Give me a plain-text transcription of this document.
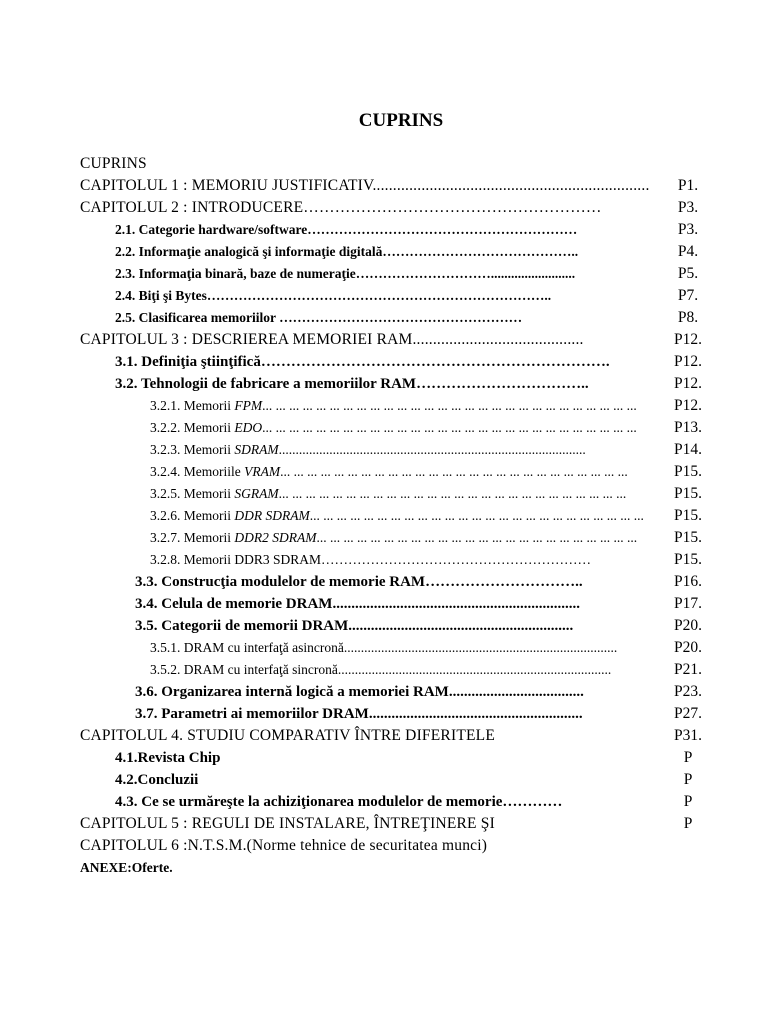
CUPRINS
CUPRINS
CAPITOLUL 1 : MEMORIU JUSTIFICATIV....................................................................
CAPITOLUL 2 : INTRODUCERE…………………………………………………
2.1. Categorie hardware/software……………………………………………………
2.2. Informaţie analogică şi informaţie digitală……………………………………..
2.3. Informaţia binară, baze de numeraţie………………………….........................
2.4. Biţi şi Bytes…………………………………………………………………..
2.5. Clasificarea memoriilor ………………………………………………
CAPITOLUL 3 : DESCRIEREA MEMORIEI RAM..........................................
3.1. Definiţia ştiinţifică…………………………………………………………….
3.2. Tehnologii de fabricare a memoriilor RAM……………………………..
3.2.1. Memorii FPM... ... ... ... ... ... ... ... ... ... ... ... ... ... ... ... ... ... ... ... ... ... ... ... ... ... ... ...
3.2.2. Memorii EDO... ... ... ... ... ... ... ... ... ... ... ... ... ... ... ... ... ... ... ... ... ... ... ... ... ... ... ...
3.2.3. Memorii SDRAM...........................................................................................
3.2.4. Memoriile VRAM... ... ... ... ... ... ... ... ... ... ... ... ... ... ... ... ... ... ... ... ... ... ... ... ... ...
3.2.5. Memorii SGRAM... ... ... ... ... ... ... ... ... ... ... ... ... ... ... ... ... ... ... ... ... ... ... ... ... ...
3.2.6. Memorii DDR SDRAM... ... ... ... ... ... ... ... ... ... ... ... ... ... ... ... ... ... ... ... ... ... ... ... ...
3.2.7. Memorii DDR2 SDRAM... ... ... ... ... ... ... ... ... ... ... ... ... ... ... ... ... ... ... ... ... ... ... ...
3.2.8. Memorii DDR3 SDRAM……………………………………………………
3.3. Construcţia modulelor de memorie RAM…………………………..
3.4. Celula de memorie DRAM..................................................................
3.5. Categorii de memorii DRAM............................................................
3.5.1. DRAM cu interfaţă asincronă.................................................................................
3.5.2. DRAM cu interfaţă sincronă.................................................................................
3.6. Organizarea internă logică a memoriei RAM....................................
3.7. Parametri ai memoriilor DRAM.........................................................
CAPITOLUL 4. STUDIU COMPARATIV ÎNTRE DIFERITELE
4.1.Revista Chip
4.2.Concluzii
4.3. Ce se urmăreşte la achiziţionarea modulelor de memorie…………
CAPITOLUL 5 : REGULI DE INSTALARE, ÎNTREŢINERE ŞI
CAPITOLUL 6 :N.T.S.M.(Norme tehnice de securitatea munci)
ANEXE:Oferte.
P1.
P3.
P3.
P4.
P5.
P7.
P8.
P12.
P12.
P12.
P12.
P13.
P14.
P15.
P15.
P15.
P15.
P15.
P16.
P17.
P20.
P20.
P21.
P23.
P27.
P31.
P
P
P
P
